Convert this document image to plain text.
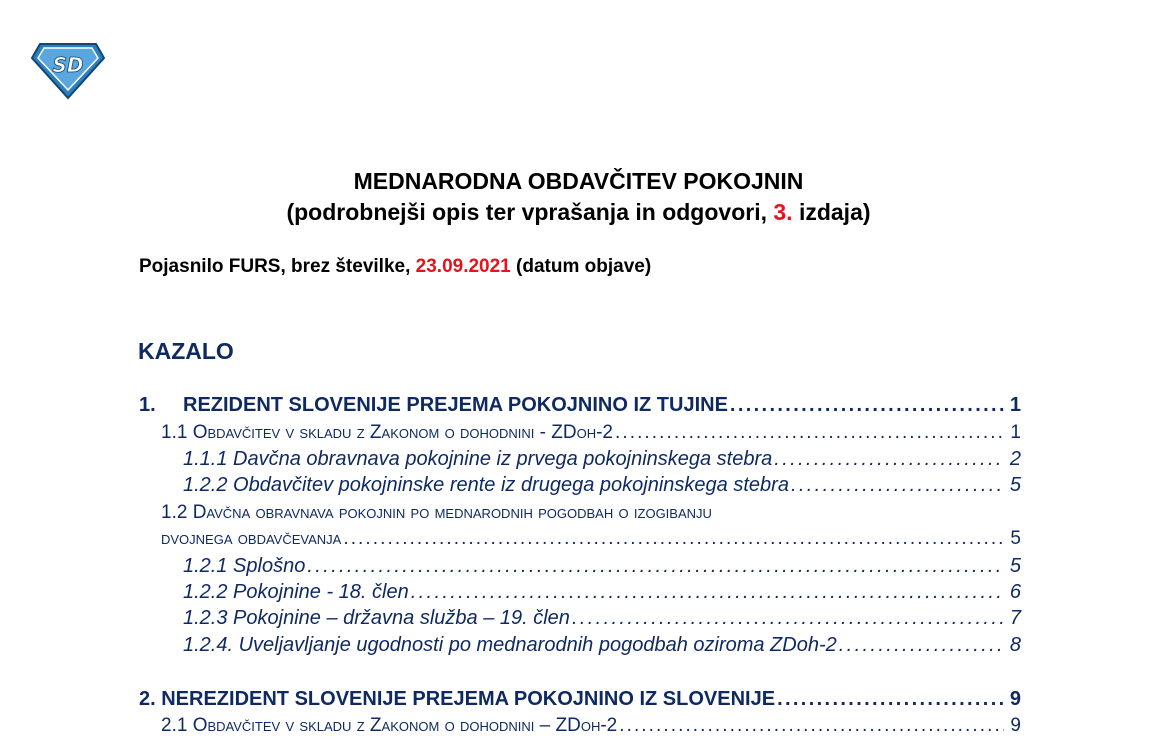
SD
MEDNARODNA OBDAVČITEV POKOJNIN
(podrobnejši opis ter vprašanja in odgovori, 3. izdaja)
Pojasnilo FURS, brez številke, 23.09.2021 (datum objave)
KAZALO
1.	REZIDENT SLOVENIJE PREJEMA POKOJNINO IZ TUJINE . . .	1
1.1 Obdavčitev v skladu z Zakonom o dohodnini - ZDoh-2 . . .	1
1.1.1 Davčna obravnava pokojnine iz prvega pokojninskega stebra . . .	2
1.2.2 Obdavčitev pokojninske rente iz drugega pokojninskega stebra . . .	5
1.2 Davčna obravnava pokojnin po mednarodnih pogodbah o izogibanju
dvojnega obdavčevanja . . .	5
1.2.1 Splošno . . .	5
1.2.2 Pokojnine - 18. člen . . .	6
1.2.3 Pokojnine – državna služba – 19. člen . . .	7
1.2.4. Uveljavljanje ugodnosti po mednarodnih pogodbah oziroma ZDoh-2 . . .	8
2. NEREZIDENT SLOVENIJE PREJEMA POKOJNINO IZ SLOVENIJE . . .	9
2.1 Obdavčitev v skladu z Zakonom o dohodnini – ZDoh-2 . . .	9
